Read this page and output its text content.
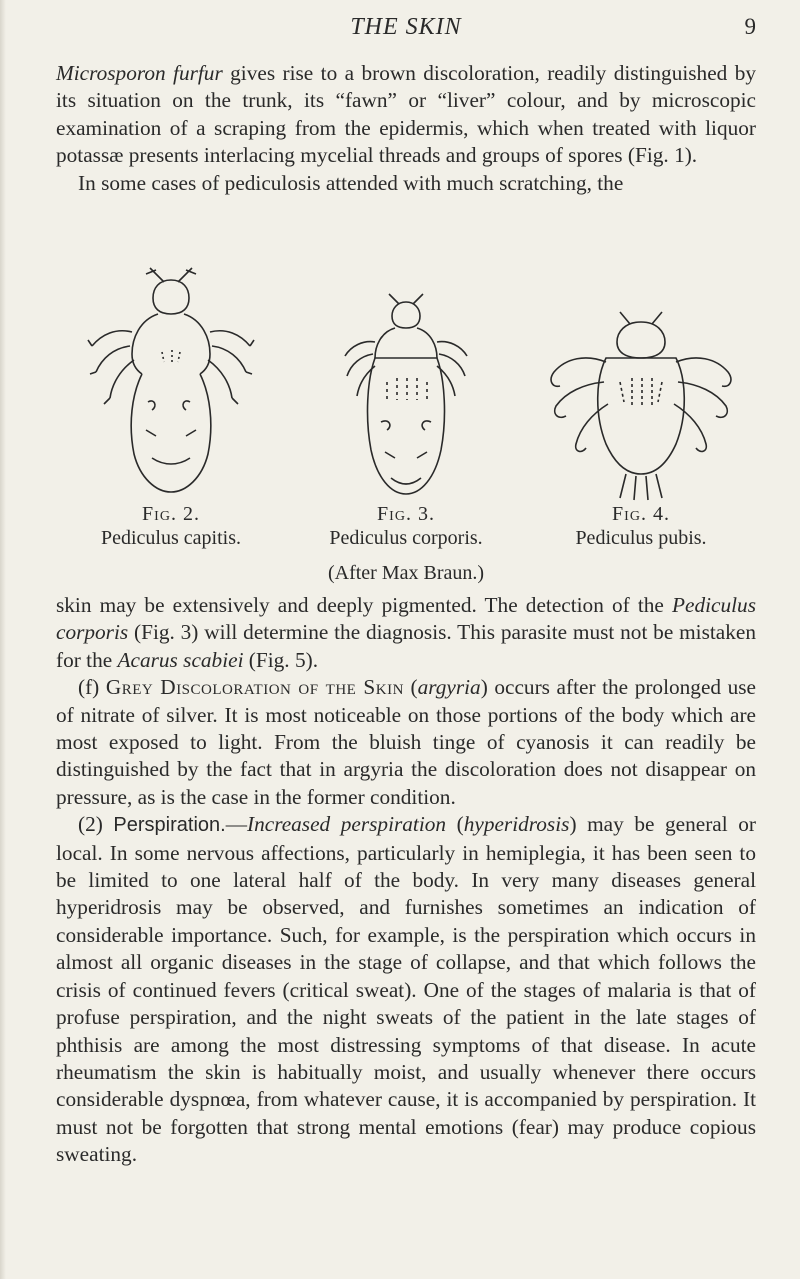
THE SKIN	9

Microsporon furfur gives rise to a brown discoloration, readily distinguished by its situation on the trunk, its “fawn” or “liver” colour, and by microscopic examination of a scraping from the epidermis, which when treated with liquor potassæ presents interlacing mycelial threads and groups of spores (Fig. 1).

In some cases of pediculosis attended with much scratching, the

Fig. 2.
Pediculus capitis.
Fig. 3.
Pediculus corporis.
Fig. 4.
Pediculus pubis.
(After Max Braun.)

skin may be extensively and deeply pigmented. The detection of the Pediculus corporis (Fig. 3) will determine the diagnosis. This parasite must not be mistaken for the Acarus scabiei (Fig. 5).

(f) Grey Discoloration of the Skin (argyria) occurs after the prolonged use of nitrate of silver. It is most noticeable on those portions of the body which are most exposed to light. From the bluish tinge of cyanosis it can readily be distinguished by the fact that in argyria the discoloration does not disappear on pressure, as is the case in the former condition.

(2) Perspiration.—Increased perspiration (hyperidrosis) may be general or local. In some nervous affections, particularly in hemiplegia, it has been seen to be limited to one lateral half of the body. In very many diseases general hyperidrosis may be observed, and furnishes sometimes an indication of considerable importance. Such, for example, is the perspiration which occurs in almost all organic diseases in the stage of collapse, and that which follows the crisis of continued fevers (critical sweat). One of the stages of malaria is that of profuse perspiration, and the night sweats of the patient in the late stages of phthisis are among the most distressing symptoms of that disease. In acute rheumatism the skin is habitually moist, and usually whenever there occurs considerable dyspnœa, from whatever cause, it is accompanied by perspiration. It must not be forgotten that strong mental emotions (fear) may produce copious sweating.
